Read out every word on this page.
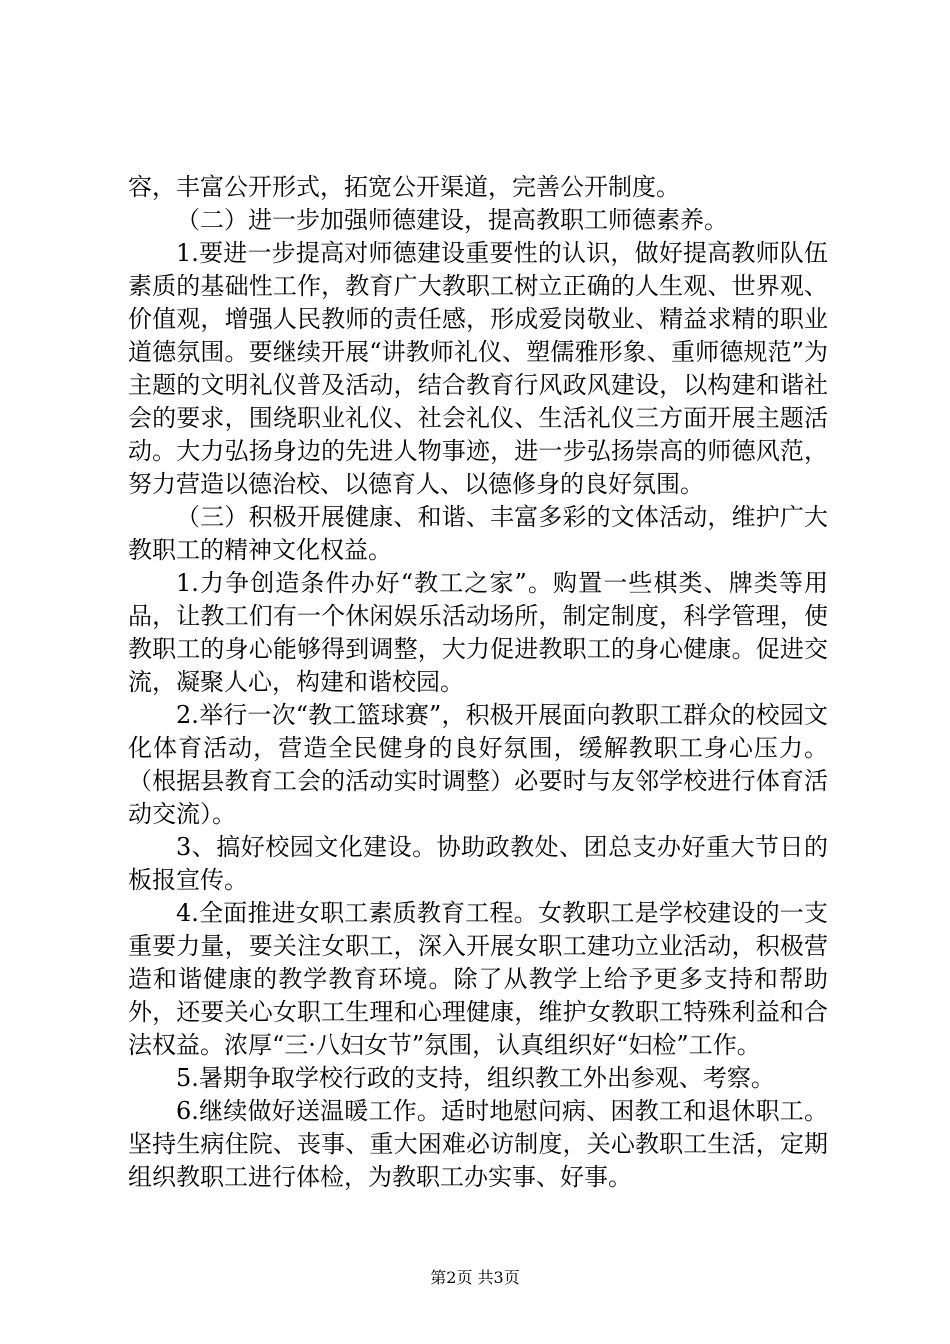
容，丰富公开形式，拓宽公开渠道，完善公开制度。

（二）进一步加强师德建设，提高教职工师德素养。

1.要进一步提高对师德建设重要性的认识，做好提高教师队伍素质的基础性工作，教育广大教职工树立正确的人生观、世界观、价值观，增强人民教师的责任感，形成爱岗敬业、精益求精的职业道德氛围。要继续开展“讲教师礼仪、塑儒雅形象、重师德规范”为主题的文明礼仪普及活动，结合教育行风政风建设，以构建和谐社会的要求，围绕职业礼仪、社会礼仪、生活礼仪三方面开展主题活动。大力弘扬身边的先进人物事迹，进一步弘扬崇高的师德风范，努力营造以德治校、以德育人、以德修身的良好氛围。

（三）积极开展健康、和谐、丰富多彩的文体活动，维护广大教职工的精神文化权益。

1.力争创造条件办好“教工之家”。购置一些棋类、牌类等用品，让教工们有一个休闲娱乐活动场所，制定制度，科学管理，使教职工的身心能够得到调整，大力促进教职工的身心健康。促进交流，凝聚人心，构建和谐校园。

2.举行一次“教工篮球赛”，积极开展面向教职工群众的校园文化体育活动，营造全民健身的良好氛围，缓解教职工身心压力。（根据县教育工会的活动实时调整）必要时与友邻学校进行体育活动交流）。

3、搞好校园文化建设。协助政教处、团总支办好重大节日的板报宣传。

4.全面推进女职工素质教育工程。女教职工是学校建设的一支重要力量，要关注女职工，深入开展女职工建功立业活动，积极营造和谐健康的教学教育环境。除了从教学上给予更多支持和帮助外，还要关心女职工生理和心理健康，维护女教职工特殊利益和合法权益。浓厚“三·八妇女节”氛围，认真组织好“妇检”工作。

5.暑期争取学校行政的支持，组织教工外出参观、考察。

6.继续做好送温暖工作。适时地慰问病、困教工和退休职工。坚持生病住院、丧事、重大困难必访制度，关心教职工生活，定期组织教职工进行体检，为教职工办实事、好事。

第2页 共3页
